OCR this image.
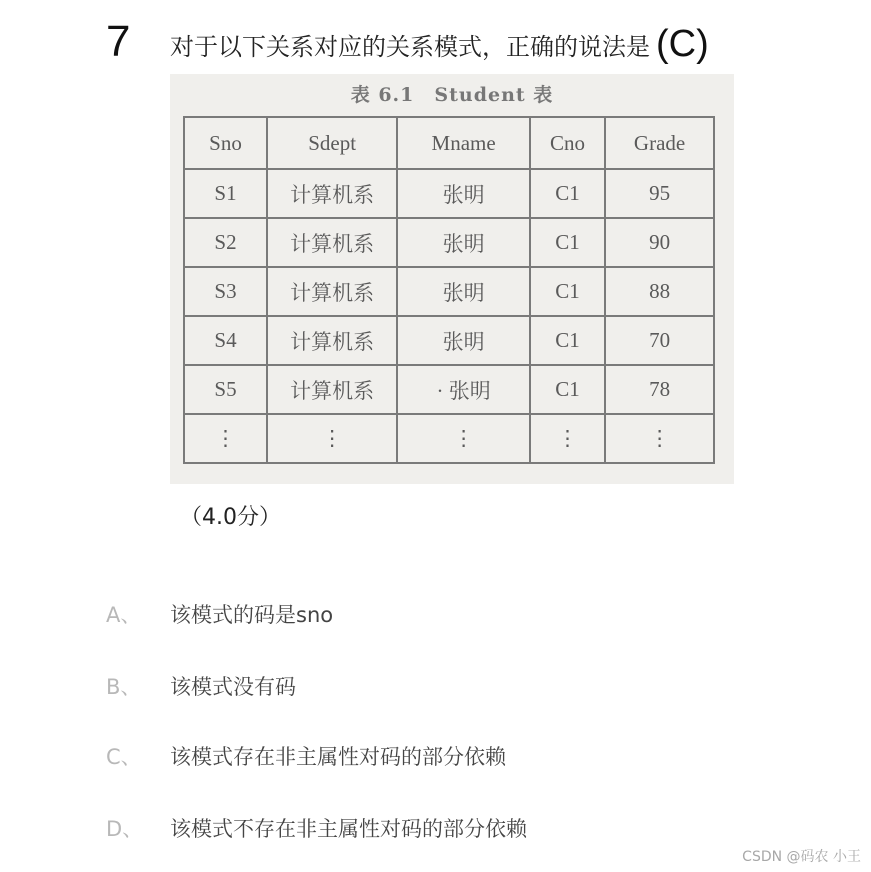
7 对于以下关系对应的关系模式，正确的说法是 (C)
表 6.1　Student 表
Sno	Sdept	Mname	Cno	Grade
S1	计算机系	张明	C1	95
S2	计算机系	张明	C1	90
S3	计算机系	张明	C1	88
S4	计算机系	张明	C1	70
S5	计算机系	· 张明	C1	78
⋮	⋮	⋮	⋮	⋮
（4.0分）
A、	该模式的码是sno
B、	该模式没有码
C、	该模式存在非主属性对码的部分依赖
D、	该模式不存在非主属性对码的部分依赖
CSDN @码农 小王
